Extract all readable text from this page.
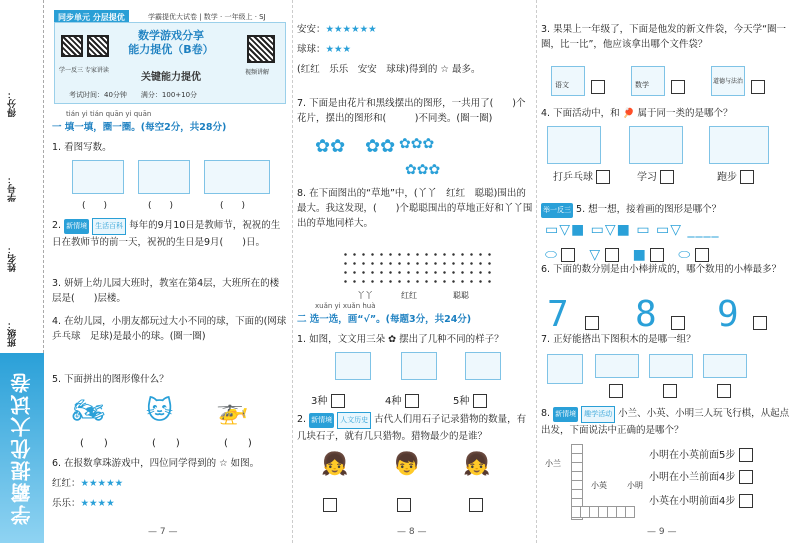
得分：
学号：
姓名：
班级：
学霸提优大试卷
同步单元 分层提优	学霸提优大试卷 | 数学 · 一年级上 · SJ
学一反三 专家讲读
数学游戏分享
能力提优（B卷）
关键能力提优	视频讲解
考试时间：40分钟　　满分：100+10分
tián yi tián quān yi quān
一 填一填，圈一圈。(每空2分，共28分)
1. 看图写数。
(　　)	(　　)	(　　)
2. 新情境 生活百科 每年的9月10日是教师节，祝祝的生日在教师节的前一天，祝祝的生日是9月(　　)日。
3. 妍妍上幼儿园大班时，教室在第4层，大班所在的楼层是(　　)层楼。
4. 在幼儿园，小朋友都玩过大小不同的球，下面的(网球　乒乓球　足球)是最小的球。(圈一圈)
5. 下面拼出的图形像什么？
🏍 🐱 🚁
(　　)	(　　)	(　　)
6. 在报数拿珠游戏中，四位同学得到的 ☆ 如图。
红红：★★★★★
乐乐：★★★★
— 7 —
安安：★★★★★★
球球：★★★
(红红　乐乐　安安　球球)得到的 ☆ 最多。
7. 下面是由花片和黑线摆出的图形，一共用了(　　)个花片，摆出的图形和(　　　)不同类。(圈一圈)
✿✿ ✿✿ ✿✿✿
✿✿✿
8. 在下面图出的“草地”中，(丫丫　红红　聪聪)围出的最大。我这发现，(　　)个聪聪围出的草地正好和丫丫围出的草地同样大。
丫丫	红红	聪聪
xuǎn yi xuǎn huà
二 选一选，画“√”。(每题3分，共24分)
1. 如图，文文用三朵 ✿ 摆出了几种不同的样子？
3种	4种	5种
2. 新情境 人文历史 古代人们用石子记录猎物的数量，有几块石子，就有几只猎物。猎物最少的是谁？
👧 👦 👧
— 8 —
3. 果果上一年级了，下面是他发的新文件袋，今天学“圈一圈，比一比”，他应该拿出哪个文件袋？
语文	数学	道德与法治
4. 下面活动中，和 🏓 属于同一类的是哪个？
打乒乓球	学习	跑步
举一反三 5. 想一想，接着画的图形是哪个？
▭▽■ ▭▽■ ▭ ▭▽ ____
⬭ 　▽ 　■ 　⬭
6. 下面的数分别是由小棒拼成的，哪个数用的小棒最多？
7 8 9
7. 正好能搭出下图积木的是哪一组？
8. 新情境 趣学活动 小兰、小英、小明三人玩飞行棋，从起点出发，下面说法中正确的是哪个？
小兰
小英	小明
小明在小英前面5步
小明在小兰前面4步
小英在小明前面4步
— 9 —
